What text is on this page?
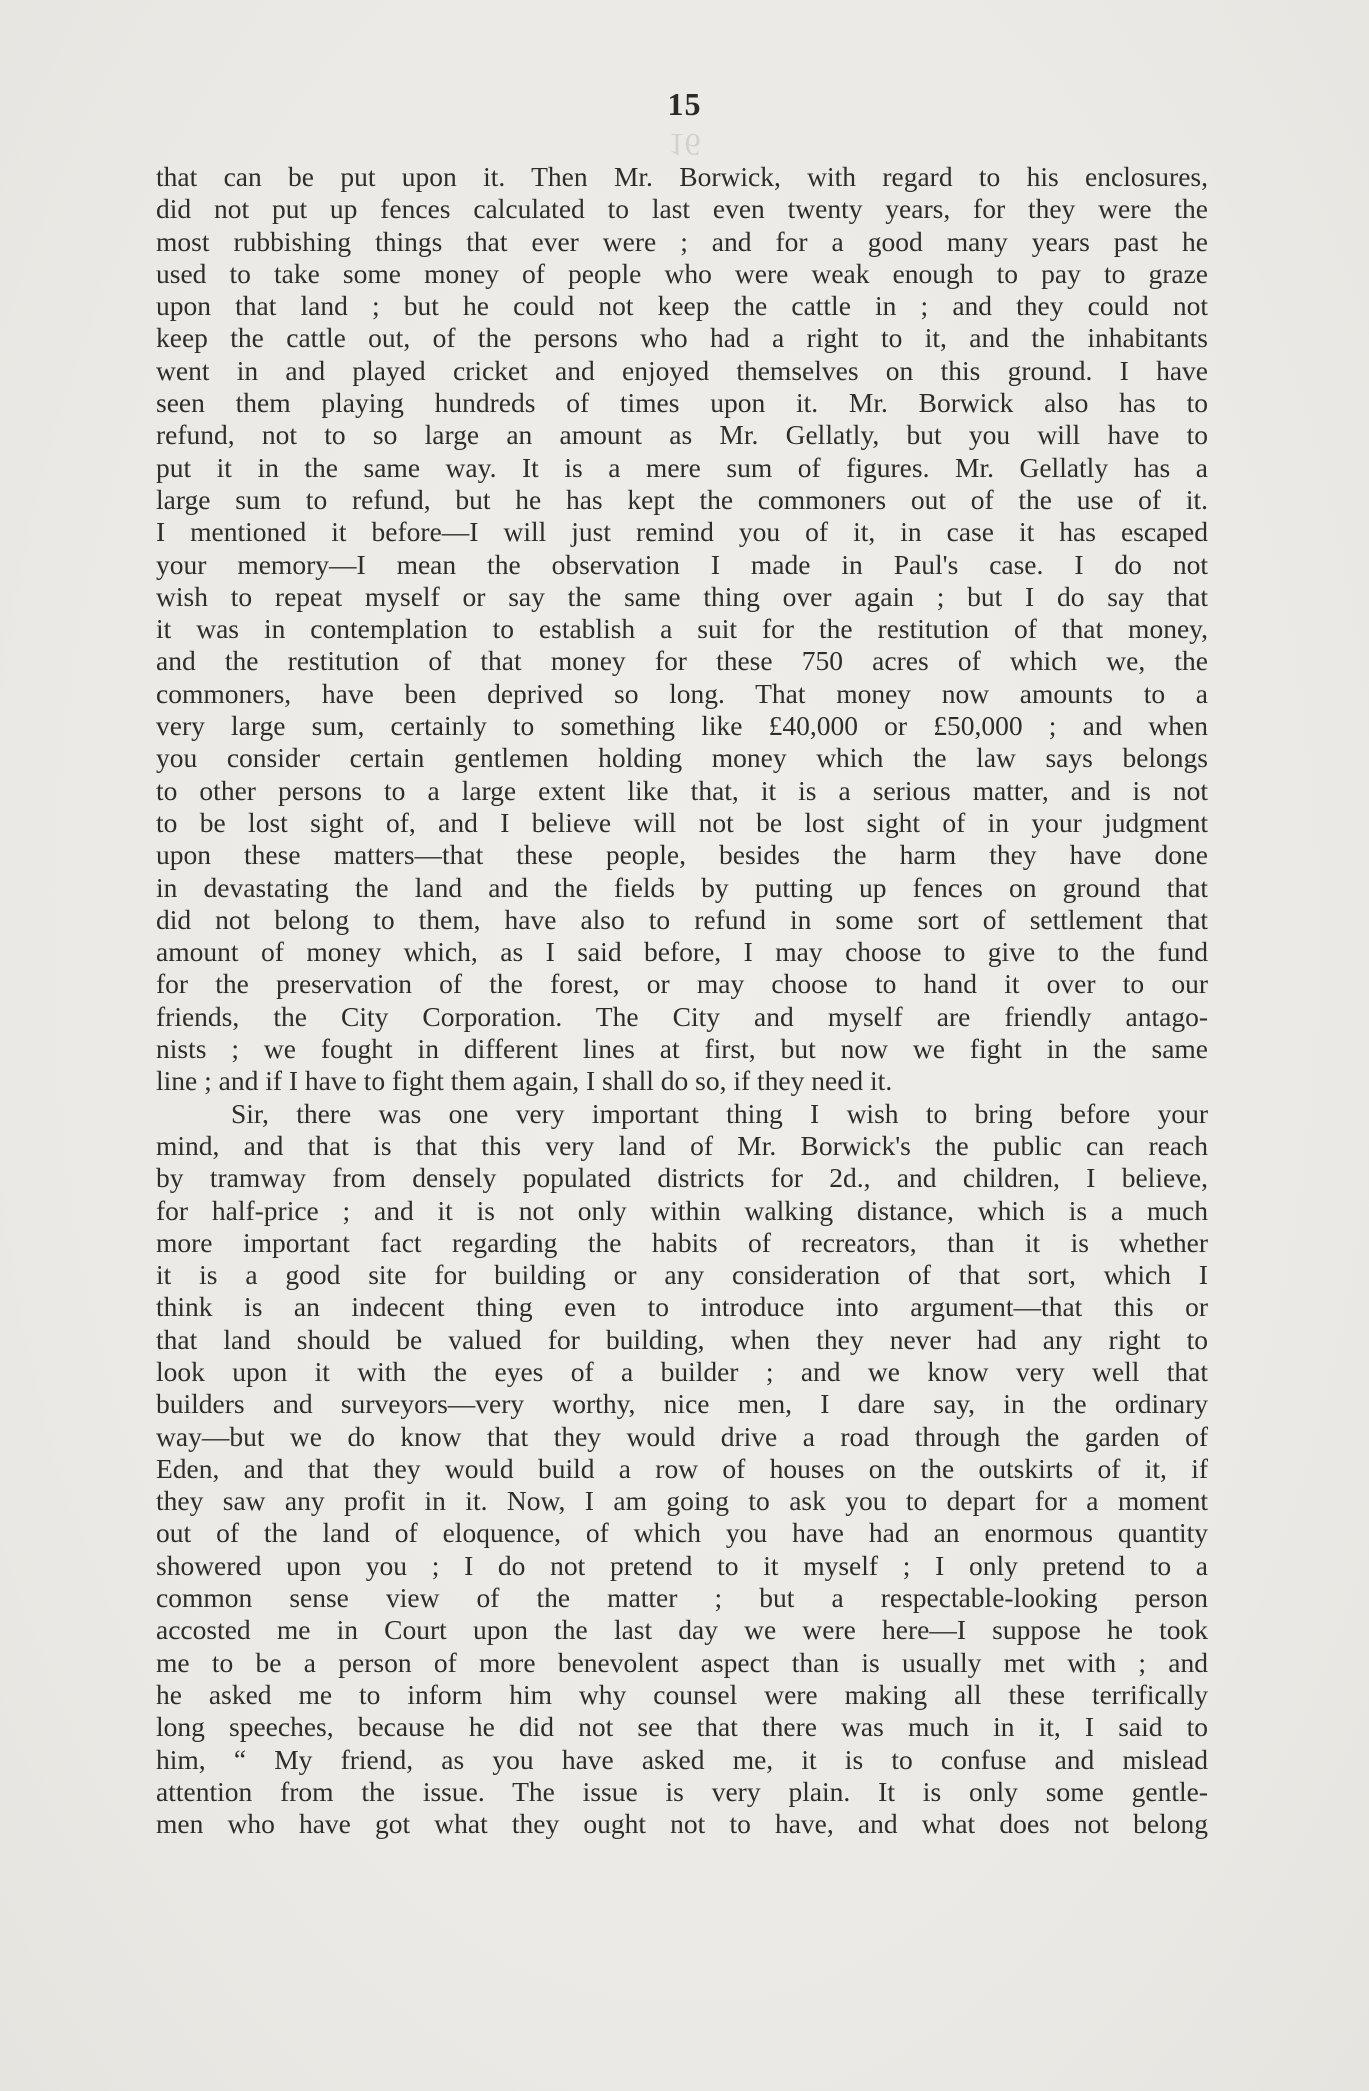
16
15
that can be put upon it. Then Mr. Borwick, with regard to his enclosures,
did not put up fences calculated to last even twenty years, for they were the
most rubbishing things that ever were ; and for a good many years past he
used to take some money of people who were weak enough to pay to graze
upon that land ; but he could not keep the cattle in ; and they could not
keep the cattle out, of the persons who had a right to it, and the inhabitants
went in and played cricket and enjoyed themselves on this ground. I have
seen them playing hundreds of times upon it. Mr. Borwick also has to
refund, not to so large an amount as Mr. Gellatly, but you will have to
put it in the same way. It is a mere sum of figures. Mr. Gellatly has a
large sum to refund, but he has kept the commoners out of the use of it.
I mentioned it before—I will just remind you of it, in case it has escaped
your memory—I mean the observation I made in Paul's case. I do not
wish to repeat myself or say the same thing over again ; but I do say that
it was in contemplation to establish a suit for the restitution of that money,
and the restitution of that money for these 750 acres of which we, the
commoners, have been deprived so long. That money now amounts to a
very large sum, certainly to something like £40,000 or £50,000 ; and when
you consider certain gentlemen holding money which the law says belongs
to other persons to a large extent like that, it is a serious matter, and is not
to be lost sight of, and I believe will not be lost sight of in your judgment
upon these matters—that these people, besides the harm they have done
in devastating the land and the fields by putting up fences on ground that
did not belong to them, have also to refund in some sort of settlement that
amount of money which, as I said before, I may choose to give to the fund
for the preservation of the forest, or may choose to hand it over to our
friends, the City Corporation. The City and myself are friendly antago-
nists ; we fought in different lines at first, but now we fight in the same
line ; and if I have to fight them again, I shall do so, if they need it.
Sir, there was one very important thing I wish to bring before your
mind, and that is that this very land of Mr. Borwick's the public can reach
by tramway from densely populated districts for 2d., and children, I believe,
for half-price ; and it is not only within walking distance, which is a much
more important fact regarding the habits of recreators, than it is whether
it is a good site for building or any consideration of that sort, which I
think is an indecent thing even to introduce into argument—that this or
that land should be valued for building, when they never had any right to
look upon it with the eyes of a builder ; and we know very well that
builders and surveyors—very worthy, nice men, I dare say, in the ordinary
way—but we do know that they would drive a road through the garden of
Eden, and that they would build a row of houses on the outskirts of it, if
they saw any profit in it. Now, I am going to ask you to depart for a moment
out of the land of eloquence, of which you have had an enormous quantity
showered upon you ; I do not pretend to it myself ; I only pretend to a
common sense view of the matter ; but a respectable-looking person
accosted me in Court upon the last day we were here—I suppose he took
me to be a person of more benevolent aspect than is usually met with ; and
he asked me to inform him why counsel were making all these terrifically
long speeches, because he did not see that there was much in it, I said to
him, “ My friend, as you have asked me, it is to confuse and mislead
attention from the issue. The issue is very plain. It is only some gentle-
men who have got what they ought not to have, and what does not belong
